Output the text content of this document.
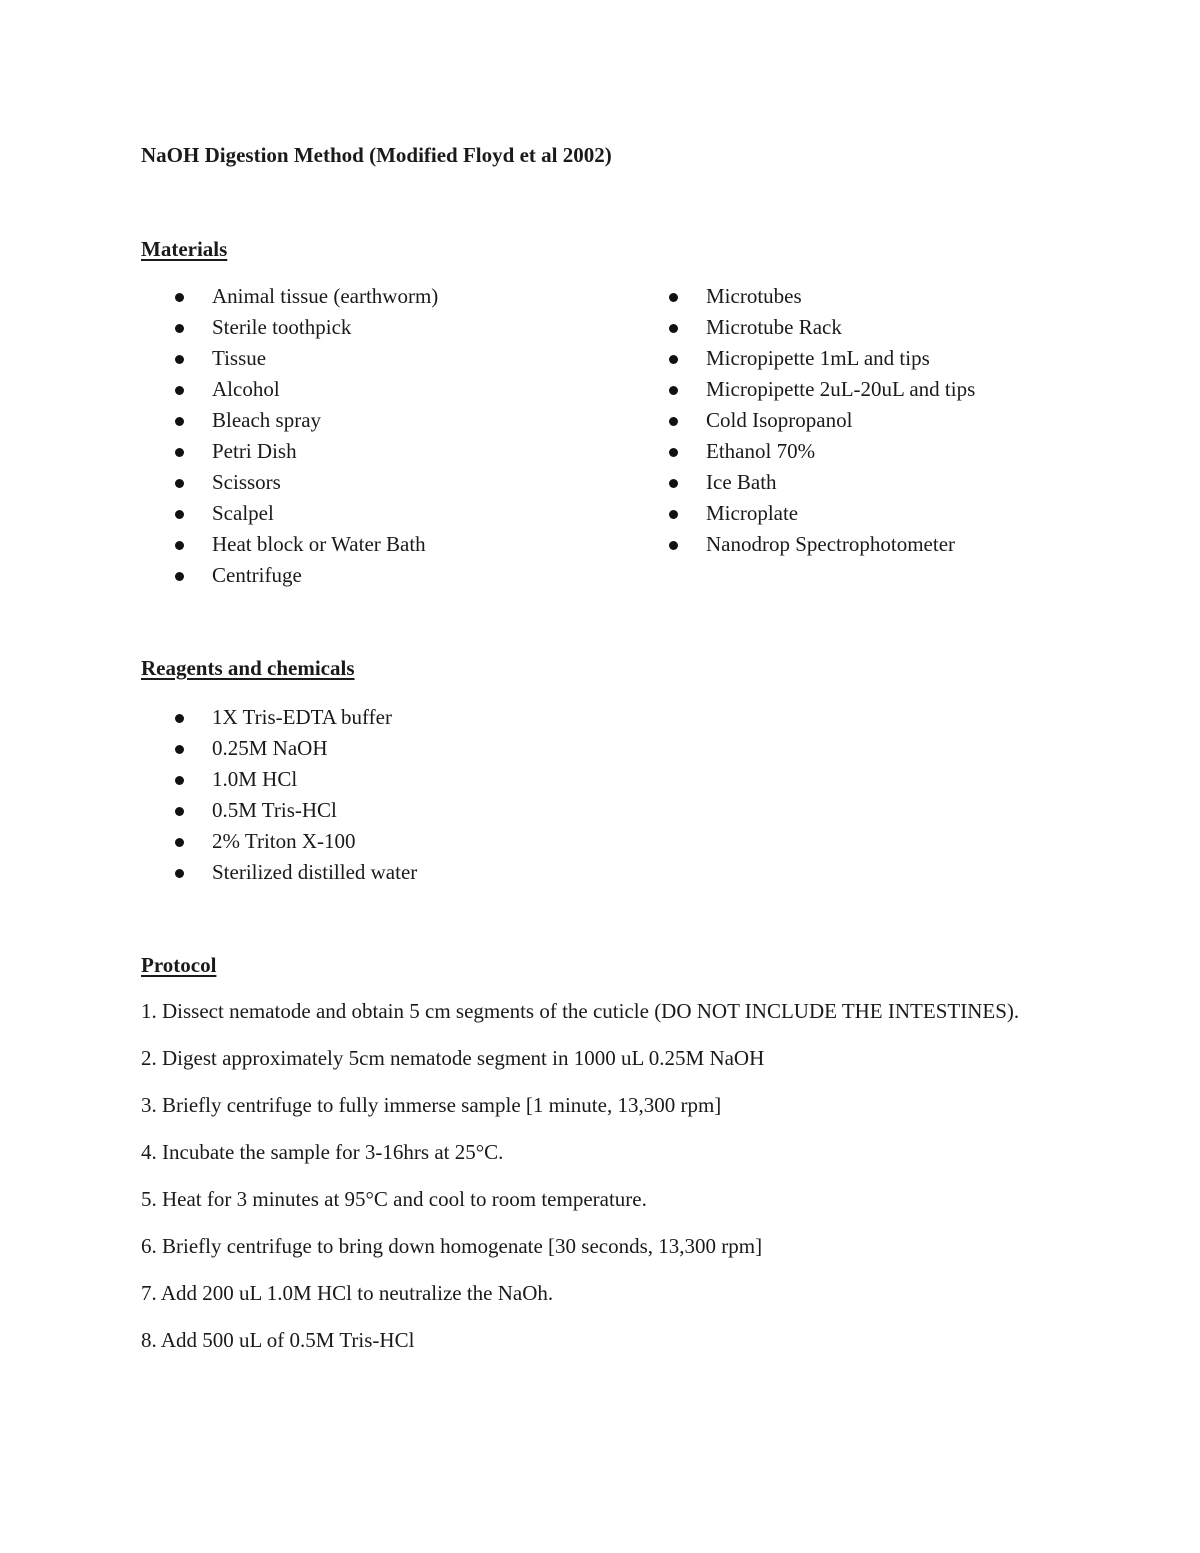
NaOH Digestion Method (Modified Floyd et al 2002)
Materials
Animal tissue (earthworm)
Sterile toothpick
Tissue
Alcohol
Bleach spray
Petri Dish
Scissors
Scalpel
Heat block or Water Bath
Centrifuge
Microtubes
Microtube Rack
Micropipette 1mL and tips
Micropipette 2uL-20uL and tips
Cold Isopropanol
Ethanol 70%
Ice Bath
Microplate
Nanodrop Spectrophotometer
Reagents and chemicals
1X Tris-EDTA buffer
0.25M NaOH
1.0M HCl
0.5M Tris-HCl
2% Triton X-100
Sterilized distilled water
Protocol

1. Dissect nematode and obtain 5 cm segments of the cuticle (DO NOT INCLUDE THE INTESTINES).

2. Digest approximately 5cm nematode segment in 1000 uL 0.25M NaOH

3. Briefly centrifuge to fully immerse sample [1 minute, 13,300 rpm]

4. Incubate the sample for 3-16hrs at 25°C.

5. Heat for 3 minutes at 95°C and cool to room temperature.

6. Briefly centrifuge to bring down homogenate [30 seconds, 13,300 rpm]

7. Add 200 uL 1.0M HCl to neutralize the NaOh.

8. Add 500 uL of 0.5M Tris-HCl
